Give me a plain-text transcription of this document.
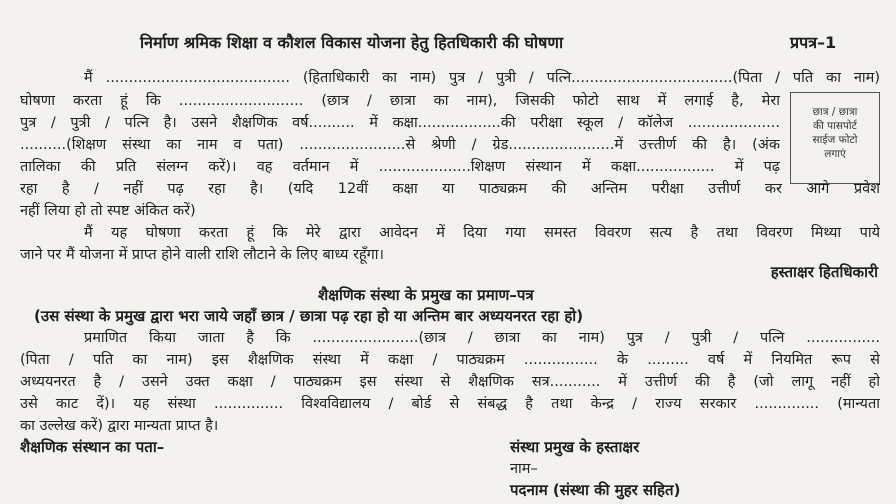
निर्माण श्रमिक शिक्षा व कौशल विकास योजना हेतु हितधिकारी की घोषणा	प्रपत्र–1
मैं ........................................ (हिताधिकारी का नाम) पुत्र / पुत्री / पत्नि...................................(पिता / पति का नाम)
घोषणा करता हूं कि ........................... (छात्र / छात्रा का नाम), जिसकी फोटो साथ में लगाई है, मेरा
पुत्र / पुत्री / पत्नि है। उसने शैक्षणिक वर्ष.......... में कक्षा..................की परीक्षा स्कूल / कॉलेज ....................
..........(शिक्षण संस्था का नाम व पता) .......................से श्रेणी / ग्रेड.......................में उत्त्तीर्ण की है। (अंक
तालिका की प्रति संलग्न करें)। वह वर्तमान में ....................शिक्षण संस्थान में कक्षा................. में पढ़
रहा है / नहीं पढ़ रहा है। (यदि 12वीं कक्षा या पाठ्यक्रम की अन्तिम परीक्षा उत्तीर्ण कर आगे प्रवेश
नहीं लिया हो तो स्पष्ट अंकित करें)
मैं यह घोषणा करता हूं कि मेरे द्वारा आवेदन में दिया गया समस्त विवरण सत्य है तथा विवरण मिथ्या पाये
जाने पर मैं योजना में प्राप्त होने वाली राशि लौटाने के लिए बाध्य रहूँगा।
छात्र / छात्रा
की पासपोर्ट
साईज फोटो
लगाएं
हस्ताक्षर हितधिकारी
शैक्षणिक संस्था के प्रमुख का प्रमाण–पत्र
(उस संस्था के प्रमुख द्वारा भरा जाये जहाँ छात्र / छात्रा पढ़ रहा हो या अन्तिम बार अध्ययनरत रहा हो)
प्रमाणित किया जाता है कि .......................(छात्र / छात्रा का नाम) पुत्र / पुत्री / पत्नि ................
(पिता / पति का नाम) इस शैक्षणिक संस्था में कक्षा / पाठ्यक्रम ................ के ......... वर्ष में नियमित रूप से
अध्ययनरत है / उसने उक्त कक्षा / पाठ्यक्रम इस संस्था से शैक्षणिक सत्र........... में उत्तीर्ण की है (जो लागू नहीं हो
उसे काट दें)। यह संस्था ............... विश्वविद्यालय / बोर्ड से संबद्ध है तथा केन्द्र / राज्य सरकार .............. (मान्यता
का उल्लेख करें) द्वारा मान्यता प्राप्त है।
शैक्षणिक संस्थान का पता–	संस्था प्रमुख के हस्ताक्षर
नाम–
पदनाम (संस्था की मुहर सहित)
